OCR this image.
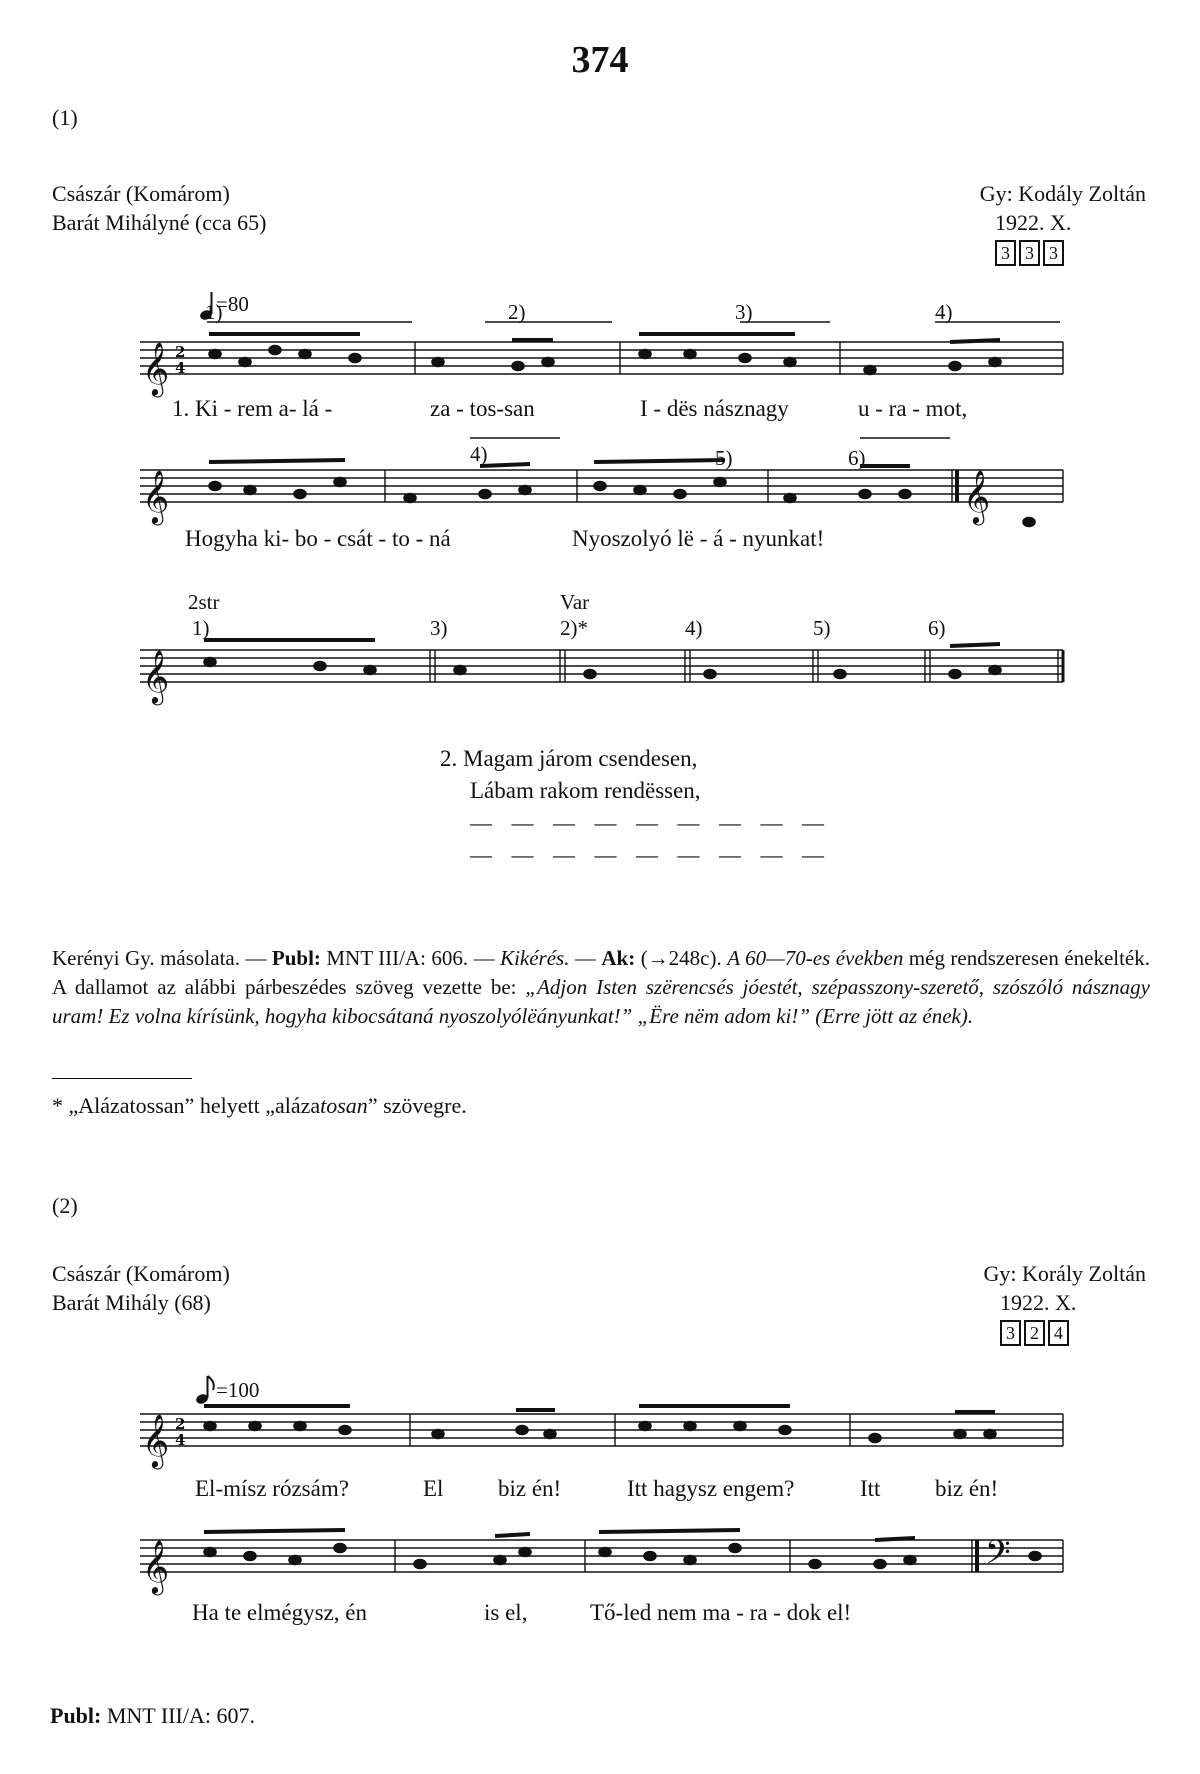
374
(1)
Császár (Komárom)
Barát Mihályné (cca 65)
Gy: Kodály Zoltán
1922. X.
3 3 3
=80
𝄞
𝄞
𝄞
𝄞
𝄞
𝄞
𝄢
2
4
2
4
1)	2)	3)	4)
1. Ki - rem a- lá -	za - tos-san	I - dës násznagy	u - ra - mot,
4)	5)	6)
Hogyha ki- bo - csát - to - ná	Nyoszolyó lë - á - nyunkat!
2str	Var
1)	3)	2)*	4)	5)	6)
2. Magam járom csendesen,
Lábam rakom rendëssen,
— — — — — — — — —
— — — — — — — — —
Kerényi Gy. másolata. — Publ: MNT III/A: 606. — Kikérés. — Ak: (→248c). A 60—70-es években még rendszeresen énekelték. A dallamot az alábbi párbeszédes szöveg vezette be: „Adjon Isten szërencsés jóestét, szépasszony-szerető, szószóló násznagy uram! Ez volna kírísünk, hogyha kibocsátaná nyoszolyólëányunkat!” „Ëre nëm adom ki!” (Erre jött az ének).
* „Alázatossan” helyett „alázatosan” szövegre.
(2)
Császár (Komárom)
Barát Mihály (68)
Gy: Korály Zoltán
1922. X.
3 2 4
=100
El-mísz rózsám?	El biz én!	Itt hagysz engem?	Itt biz én!
Ha te elmégysz, én	is el,	Tő-led nem ma - ra - dok el!
Publ: MNT III/A: 607.
